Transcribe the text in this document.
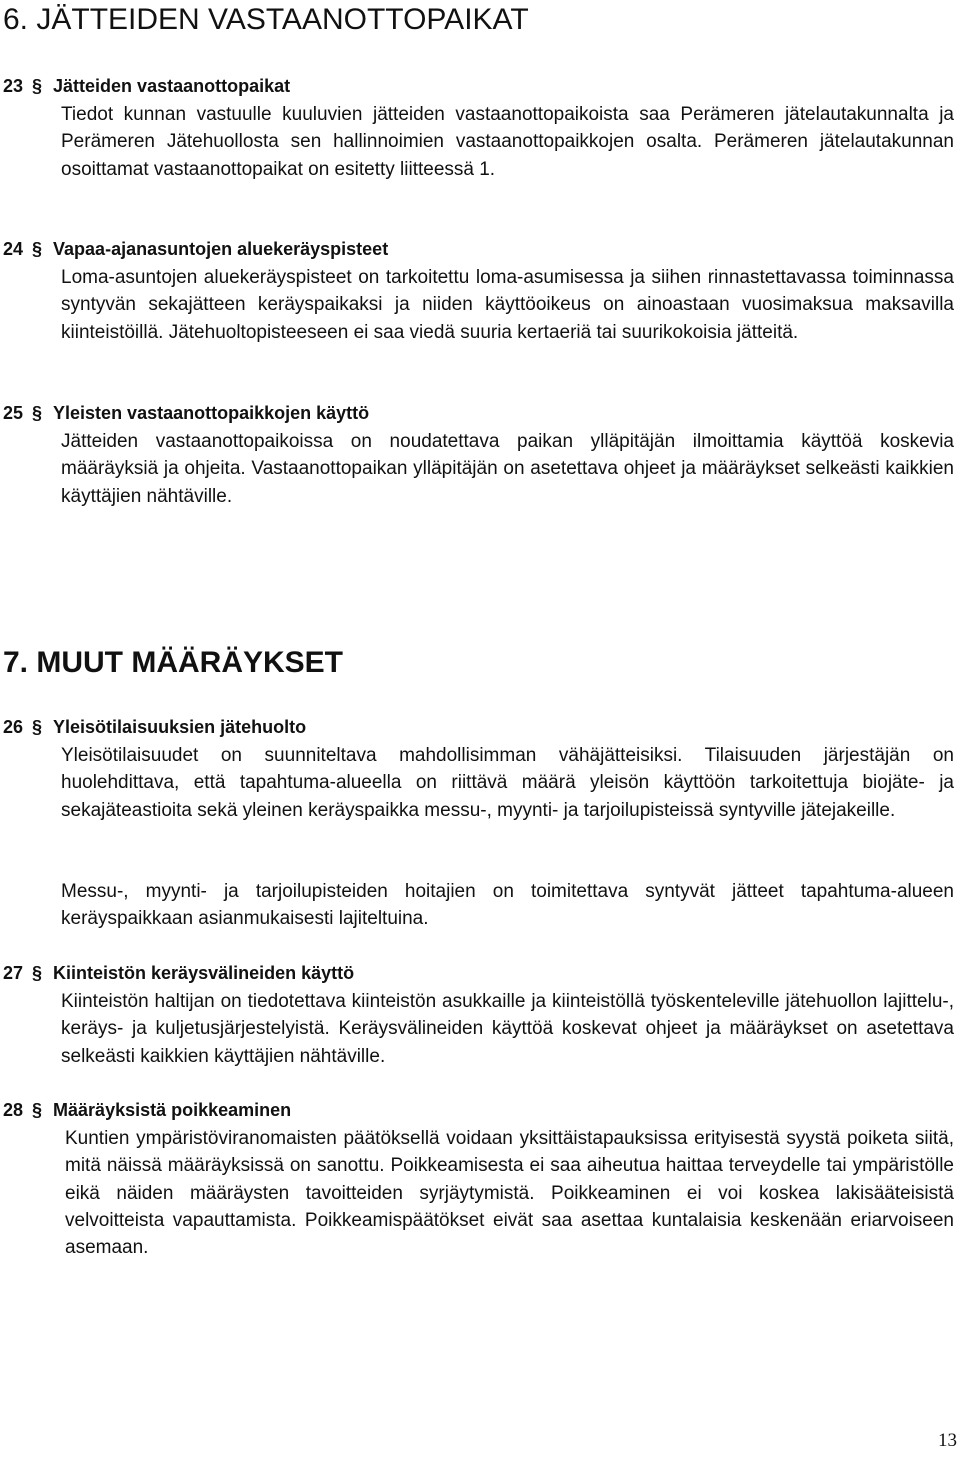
6. JÄTTEIDEN VASTAANOTTOPAIKAT
23 § Jätteiden vastaanottopaikat

Tiedot kunnan vastuulle kuuluvien jätteiden vastaanottopaikoista saa Perämeren jätelautakunnalta ja Perämeren Jätehuollosta sen hallinnoimien vastaanottopaikkojen osalta. Perämeren jätelautakunnan osoittamat vastaanottopaikat on esitetty liitteessä 1.

24 § Vapaa-ajanasuntojen aluekeräyspisteet

Loma-asuntojen aluekeräyspisteet on tarkoitettu loma-asumisessa ja siihen rinnastettavassa toiminnassa syntyvän sekajätteen keräyspaikaksi ja niiden käyttöoikeus on ainoastaan vuosimaksua maksavilla kiinteistöillä. Jätehuoltopisteeseen ei saa viedä suuria kertaeriä tai suurikokoisia jätteitä.

25 § Yleisten vastaanottopaikkojen käyttö

Jätteiden vastaanottopaikoissa on noudatettava paikan ylläpitäjän ilmoittamia käyttöä koskevia määräyksiä ja ohjeita. Vastaanottopaikan ylläpitäjän on asetettava ohjeet ja määräykset selkeästi kaikkien käyttäjien nähtäville.

7. MUUT MÄÄRÄYKSET
26 § Yleisötilaisuuksien jätehuolto

Yleisötilaisuudet on suunniteltava mahdollisimman vähäjätteisiksi. Tilaisuuden järjestäjän on huolehdittava, että tapahtuma-alueella on riittävä määrä yleisön käyttöön tarkoitettuja biojäte- ja sekajäteastioita sekä yleinen keräyspaikka messu-, myynti- ja tarjoilupisteissä syntyville jätejakeille.

Messu-, myynti- ja tarjoilupisteiden hoitajien on toimitettava syntyvät jätteet tapahtuma-alueen keräyspaikkaan asianmukaisesti lajiteltuina.

27 § Kiinteistön keräysvälineiden käyttö

Kiinteistön haltijan on tiedotettava kiinteistön asukkaille ja kiinteistöllä työskenteleville jätehuollon lajittelu-, keräys- ja kuljetusjärjestelyistä. Keräysvälineiden käyttöä koskevat ohjeet ja määräykset on asetettava selkeästi kaikkien käyttäjien nähtäville.

28 § Määräyksistä poikkeaminen

Kuntien ympäristöviranomaisten päätöksellä voidaan yksittäistapauksissa erityisestä syystä poiketa siitä, mitä näissä määräyksissä on sanottu. Poikkeamisesta ei saa aiheutua haittaa terveydelle tai ympäristölle eikä näiden määräysten tavoitteiden syrjäytymistä. Poikkeaminen ei voi koskea lakisääteisistä velvoitteista vapauttamista. Poikkeamispäätökset eivät saa asettaa kuntalaisia keskenään eriarvoiseen asemaan.

13
